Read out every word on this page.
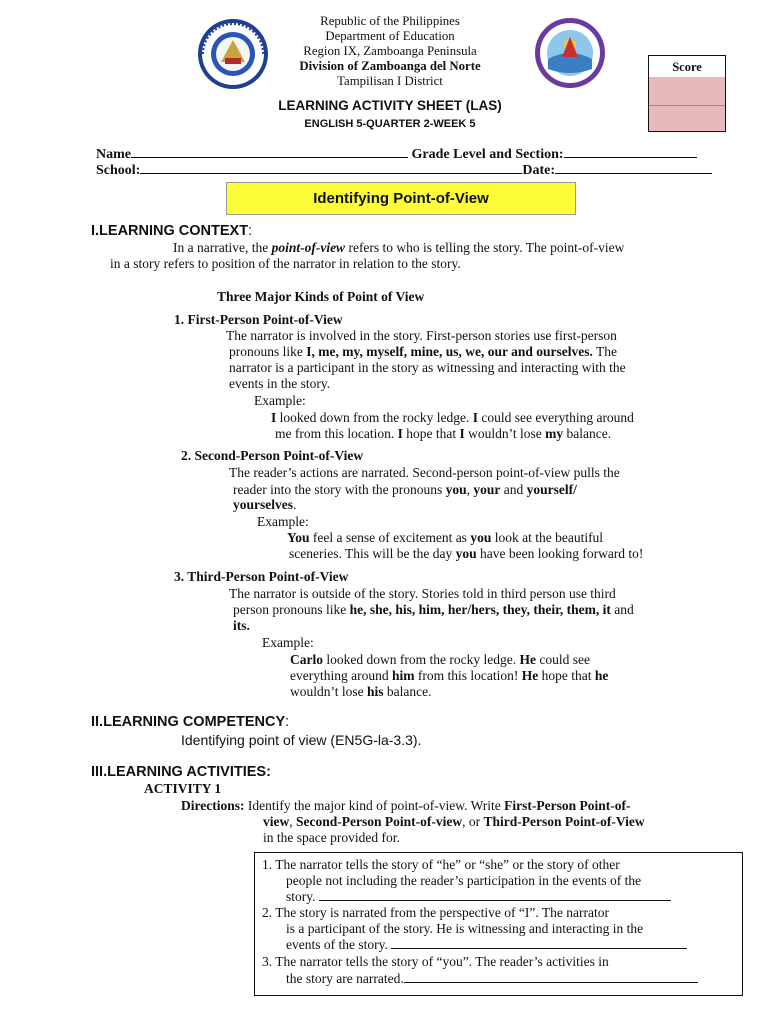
Republic of the Philippines
Department of Education
Region IX, Zamboanga Peninsula
Division of Zamboanga del Norte
Tampilisan I District
Score
LEARNING ACTIVITY SHEET (LAS)
ENGLISH 5-QUARTER 2-WEEK 5
Name	Grade Level and Section:
School:	Date:
Identifying Point-of-View
I.LEARNING CONTEXT:
In a narrative, the point-of-view refers to who is telling the story. The point-of-view
in a story refers to position of the narrator in relation to the story.
Three Major Kinds of Point of View
1. First-Person Point-of-View
The narrator is involved in the story. First-person stories use first-person
pronouns like I, me, my, myself, mine, us, we, our and ourselves. The
narrator is a participant in the story as witnessing and interacting with the
events in the story.
Example:
I looked down from the rocky ledge. I could see everything around
me from this location. I hope that I wouldn’t lose my balance.
2. Second-Person Point-of-View
The reader’s actions are narrated. Second-person point-of-view pulls the
reader into the story with the pronouns you, your and yourself/
yourselves.
Example:
You feel a sense of excitement as you look at the beautiful
sceneries. This will be the day you have been looking forward to!
3. Third-Person Point-of-View
The narrator is outside of the story. Stories told in third person use third
person pronouns like he, she, his, him, her/hers, they, their, them, it and
its.
Example:
Carlo looked down from the rocky ledge. He could see
everything around him from this location! He hope that he
wouldn’t lose his balance.
II.LEARNING COMPETENCY:
Identifying point of view (EN5G-la-3.3).
III.LEARNING ACTIVITIES:
ACTIVITY 1
Directions: Identify the major kind of point-of-view. Write First-Person Point-of-
view, Second-Person Point-of-view, or Third-Person Point-of-View
in the space provided for.
1. The narrator tells the story of “he” or “she” or the story of other
people not including the reader’s participation in the events of the
story.
2. The story is narrated from the perspective of “I”. The narrator
is a participant of the story. He is witnessing and interacting in the
events of the story.
3. The narrator tells the story of “you”. The reader’s activities in
the story are narrated.
